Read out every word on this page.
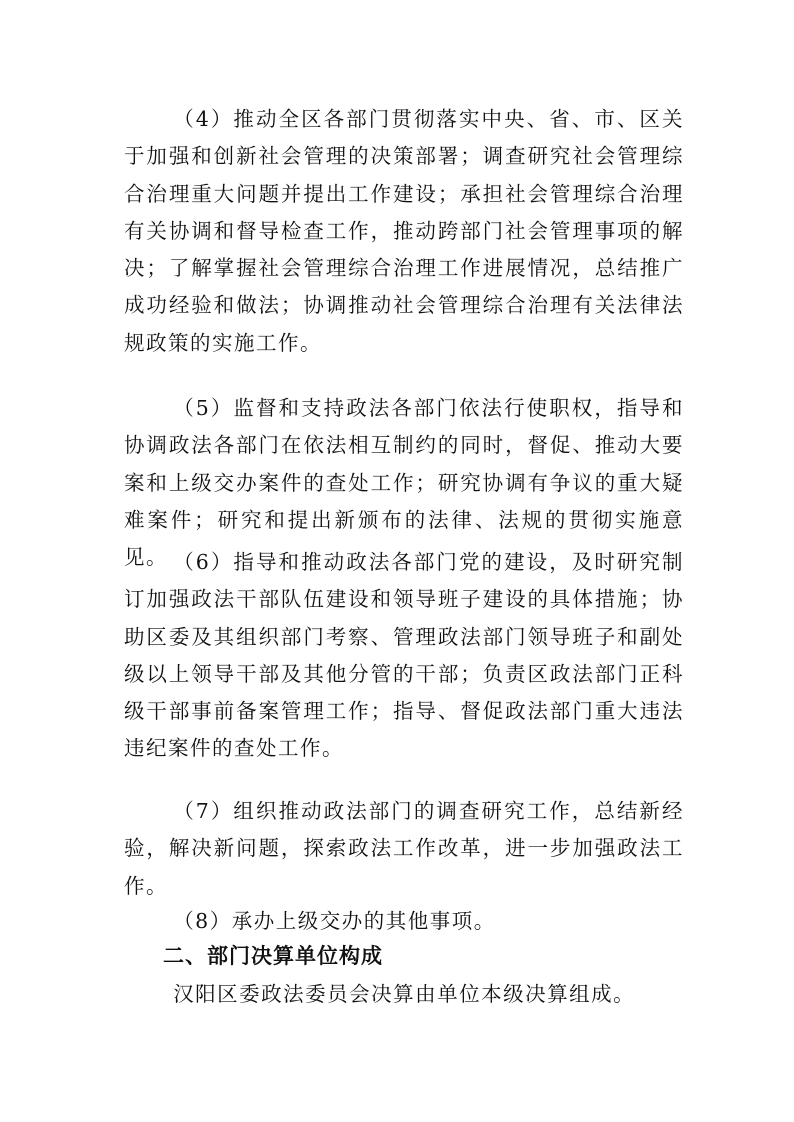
（4）推动全区各部门贯彻落实中央、省、市、区关于加强和创新社会管理的决策部署；调查研究社会管理综合治理重大问题并提出工作建设；承担社会管理综合治理有关协调和督导检查工作，推动跨部门社会管理事项的解决；了解掌握社会管理综合治理工作进展情况，总结推广成功经验和做法；协调推动社会管理综合治理有关法律法规政策的实施工作。

（5）监督和支持政法各部门依法行使职权，指导和协调政法各部门在依法相互制约的同时，督促、推动大要案和上级交办案件的查处工作；研究协调有争议的重大疑难案件；研究和提出新颁布的法律、法规的贯彻实施意见。 （6）指导和推动政法各部门党的建设，及时研究制订加强政法干部队伍建设和领导班子建设的具体措施；协助区委及其组织部门考察、管理政法部门领导班子和副处级以上领导干部及其他分管的干部；负责区政法部门正科级干部事前备案管理工作；指导、督促政法部门重大违法违纪案件的查处工作。

（7）组织推动政法部门的调查研究工作，总结新经验，解决新问题，探索政法工作改革，进一步加强政法工作。

（8）承办上级交办的其他事项。

二、部门决算单位构成

汉阳区委政法委员会决算由单位本级决算组成。
